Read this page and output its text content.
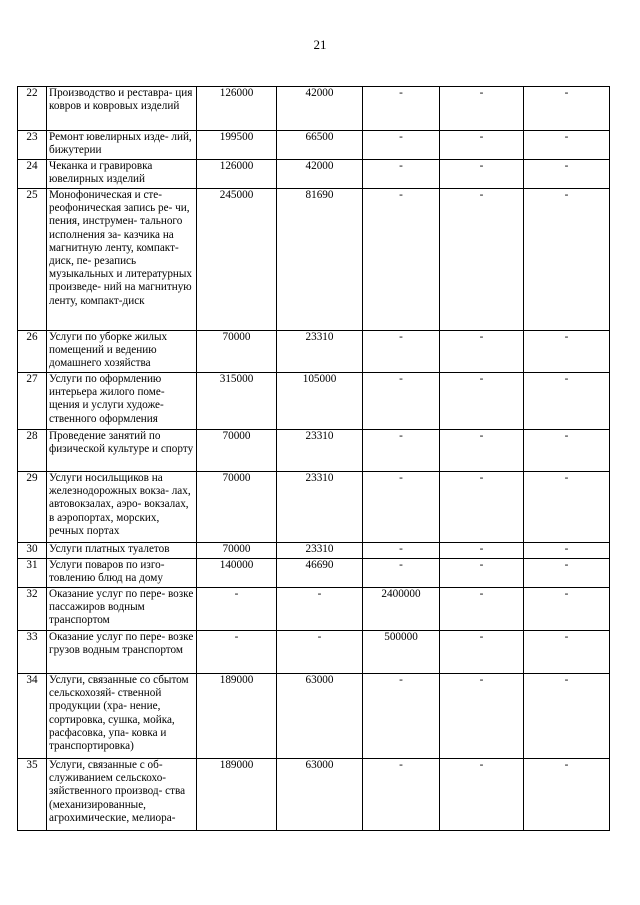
21
22	Производство и реставра- ция ковров и ковровых изделий	126000	42000	-	-	-
23	Ремонт ювелирных изде- лий, бижутерии	199500	66500	-	-	-
24	Чеканка и гравировка ювелирных изделий	126000	42000	-	-	-
25	Монофоническая и сте- реофоническая запись ре- чи, пения, инструмен- тального исполнения за- казчика на магнитную ленту, компакт-диск, пе- резапись музыкальных и литературных произведе- ний на магнитную ленту, компакт-диск	245000	81690	-	-	-
26	Услуги по уборке жилых помещений и ведению домашнего хозяйства	70000	23310	-	-	-
27	Услуги по оформлению интерьера жилого поме- щения и услуги художе- ственного оформления	315000	105000	-	-	-
28	Проведение занятий по физической культуре и спорту	70000	23310	-	-	-
29	Услуги носильщиков на железнодорожных вокза- лах, автовокзалах, аэро- вокзалах, в аэропортах, морских, речных портах	70000	23310	-	-	-
30	Услуги платных туалетов	70000	23310	-	-	-
31	Услуги поваров по изго- товлению блюд на дому	140000	46690	-	-	-
32	Оказание услуг по пере- возке пассажиров водным транспортом	-	-	2400000	-	-
33	Оказание услуг по пере- возке грузов водным транспортом	-	-	500000	-	-
34	Услуги, связанные со сбытом сельскохозяй- ственной продукции (хра- нение, сортировка, сушка, мойка, расфасовка, упа- ковка и транспортировка)	189000	63000	-	-	-
35	Услуги, связанные с об- служиванием сельскохо- зяйственного производ- ства (механизированные, агрохимические, мелиора-	189000	63000	-	-	-
